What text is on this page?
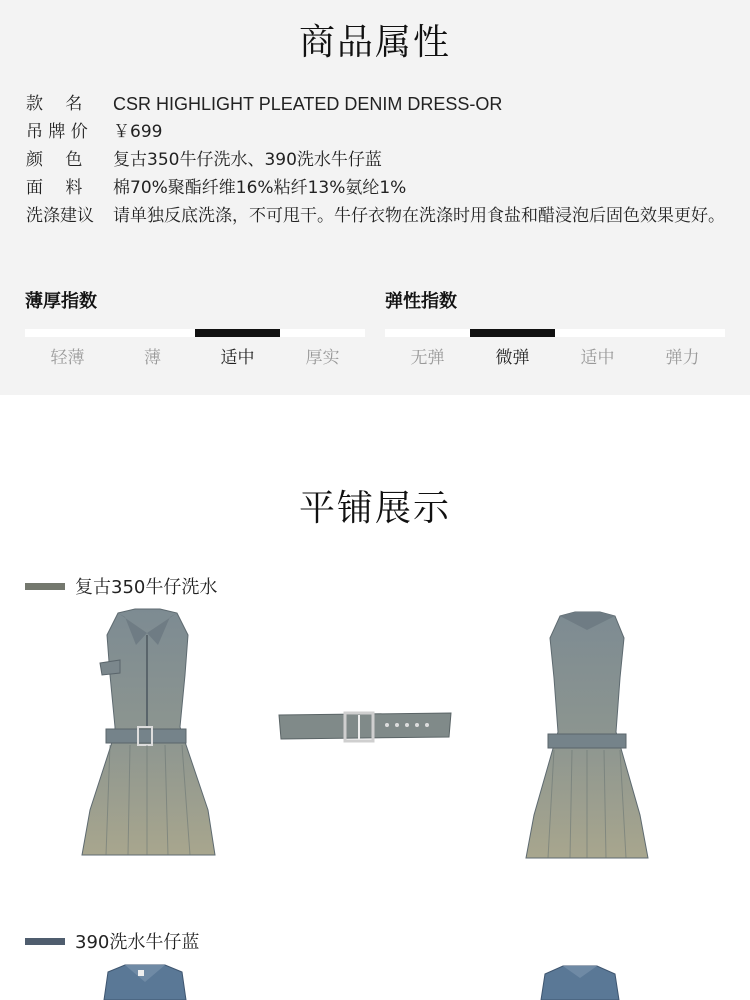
商品属性
款　 名	CSR HIGHLIGHT PLEATED DENIM DRESS-OR
吊 牌 价	￥699
颜　 色	复古350牛仔洗水、390洗水牛仔蓝
面　 料	棉70%聚酯纤维16%粘纤13%氨纶1%
洗涤建议	请单独反底洗涤，不可甩干。牛仔衣物在洗涤时用食盐和醋浸泡后固色效果更好。
薄厚指数
轻薄	薄	适中	厚实
弹性指数
无弹	微弹	适中	弹力
平铺展示
复古350牛仔洗水
390洗水牛仔蓝
